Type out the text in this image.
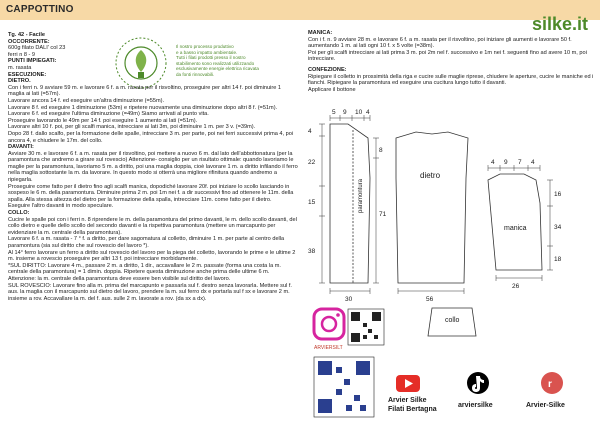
CAPPOTTINO
silke.it
Il nostro processo produttivo
e a basso impatto ambientale.
Tutti i filati prodotti presso il nostro
stabilimento sono realizzati utilizzando
esclusivamente energie elettrica ricavata
da fonti rinnovabili.
Tg. 42 - Facile
OCCORRENTE:
600g filato DALI' col 23
ferri n 8 - 9
PUNTI IMPIEGATI:
m. rasata
ESECUZIONE:
DIETRO.
Con i ferri n. 9 avviare 59 m. e lavorare 6 f. a m. rasata per il risvoltino, proseguire per altri 14 f. poi diminuire 1 maglia ai lati (=57m).
Lavorare ancora 14 f. ed eseguire un'altra diminuzione (=55m).
Lavorare 8 f. ed eseguire 1 diminuzione (53m) e ripetere nuovamente una diminuzione dopo altri 8 f. (=51m).
Lavorare 6 f. ed eseguire l'ultima diminuzione (=49m) Siamo arrivati al punto vita.
Proseguire lavorando le 49m per 14 f. poi eseguire 1 aumento ai lati (=51m).
Lavorare altri 10 f. poi, per gli scalfi manica, intrecciare ai lati 3m, poi diminuire 1 m. per 3 v. (=39m).
Dopo 28 f. dallo scalfo, per la formazione delle spalle, intrecciare 3 m. per parte, poi nei ferri successivi prima 4, poi ancora 4, e chiudere le 17m. del collo.
DAVANTI:
Avviare 30 m. e lavorare 6 f. a m. rasata per il risvoltino, poi mettere a nuovo 6 m. dal lato dell'abbottonatura (per la paramontura che andremo a girare sul rovescio) Attenzione- consiglio per un risultato ottimale: quando lavoriamo le maglie per la paramontura, lavoriamo 5 m. a diritto, poi una maglia doppia, cioè lavorare 1 m. a diritto infilando il ferro nella maglia sottostante la m. da lavorare. In questo modo si otterrà una migliore rifinitura quando andremo a ripiegarla.
Proseguire come fatto per il dietro fino agli scalfi manica, dopodiché lavorare 20f. poi iniziare lo scollo lasciando in sospeso le 6 m. della paramontura. Diminuire prima 2 m. poi 1m nei f. a dir successivi fino ad ottenere le 11m. della spalla. Alla stessa altezza del dietro per la formazione della spalla, intrecciare 11m. come fatto per il dietro.
Eseguire l'altro davanti in modo speculare.
COLLO:
Cucire le spalle poi con i ferri n. 8 riprendere le m. della paramontura del primo davanti, le m. dello scollo davanti, del collo dietro e quelle dello scollo del secondo davanti e la rispettiva paramontura (mettere un marcapunto per evidenziare la m. centrale della paramontura).
Lavorare 6 f. a m. rasata - 7 ° f. a diritto, per dare sagomatura al colletto, diminuire 1 m. per parte al centro della paramontura (sia sul diritto che sul rovescio del lavoro *).
Al 14° ferro lavorare un ferro a diritto sul rovescio del lavoro per la piega del colletto, lavorando le prime e le ultime 2 m. insieme a rovescio proseguire per altri 13 f. poi intrecciare morbidamente.
*SUL DIRITTO: Lavorare 4 m., passare 2 m. a diritto, 1 dir., accavallare le 2 m. passate (forma una costa la m. centrale della paramontura) = 1 dimin. doppia. Ripetere questa diminuzione anche prima delle ultime 6 m. Attenzione: la m. centrale della paramontura deve essere ben visibile sul diritto del lavoro.
SUL ROVESCIO: Lavorare fino alla m. prima del marcapunto e passarla sul f. destro senza lavorarla. Mettere sul f. aus. la maglia con il marcapunto sul dietro del lavoro, prendere la m. sul ferro dx e portarla sul f sx e lavorare 2 m. insieme a rov. Accavallare la m. del f. aus. sulle 2 m. lavorate a rov. (da sx a dx).
MANICA:
Con i f. n. 9 avviare 28 m. e lavorare 6 f. a m. rasata per il risvoltino, poi iniziare gli aumenti e lavorare 50 f. aumentando 1 m. ai lati ogni 10 f. x 5 volte (=38m).
Poi per gli scalfi intrecciare ai lati prima 3 m. poi 2m nel f. successivo e 1m nei f. seguenti fino ad avere 10 m, poi intrecciare.
CONFEZIONE:
Ripiegare il colletto in prossimità della riga e cucire sulle maglie riprese, chiudere le aperture, cucire le maniche ed i fianchi. Ripiegare la paramontura ed eseguire una cucitura lungo tutto il davanti.
Applicare il bottone
5 9 10 4
4
22
15
38
paramontura
8
71
30
dietro
56
4 9 7 4
manica
16
34
18
26
collo
ARVIERSILT
Arvier Silke Filati Bertagna
arviersilke
r
Arvier-Silke
